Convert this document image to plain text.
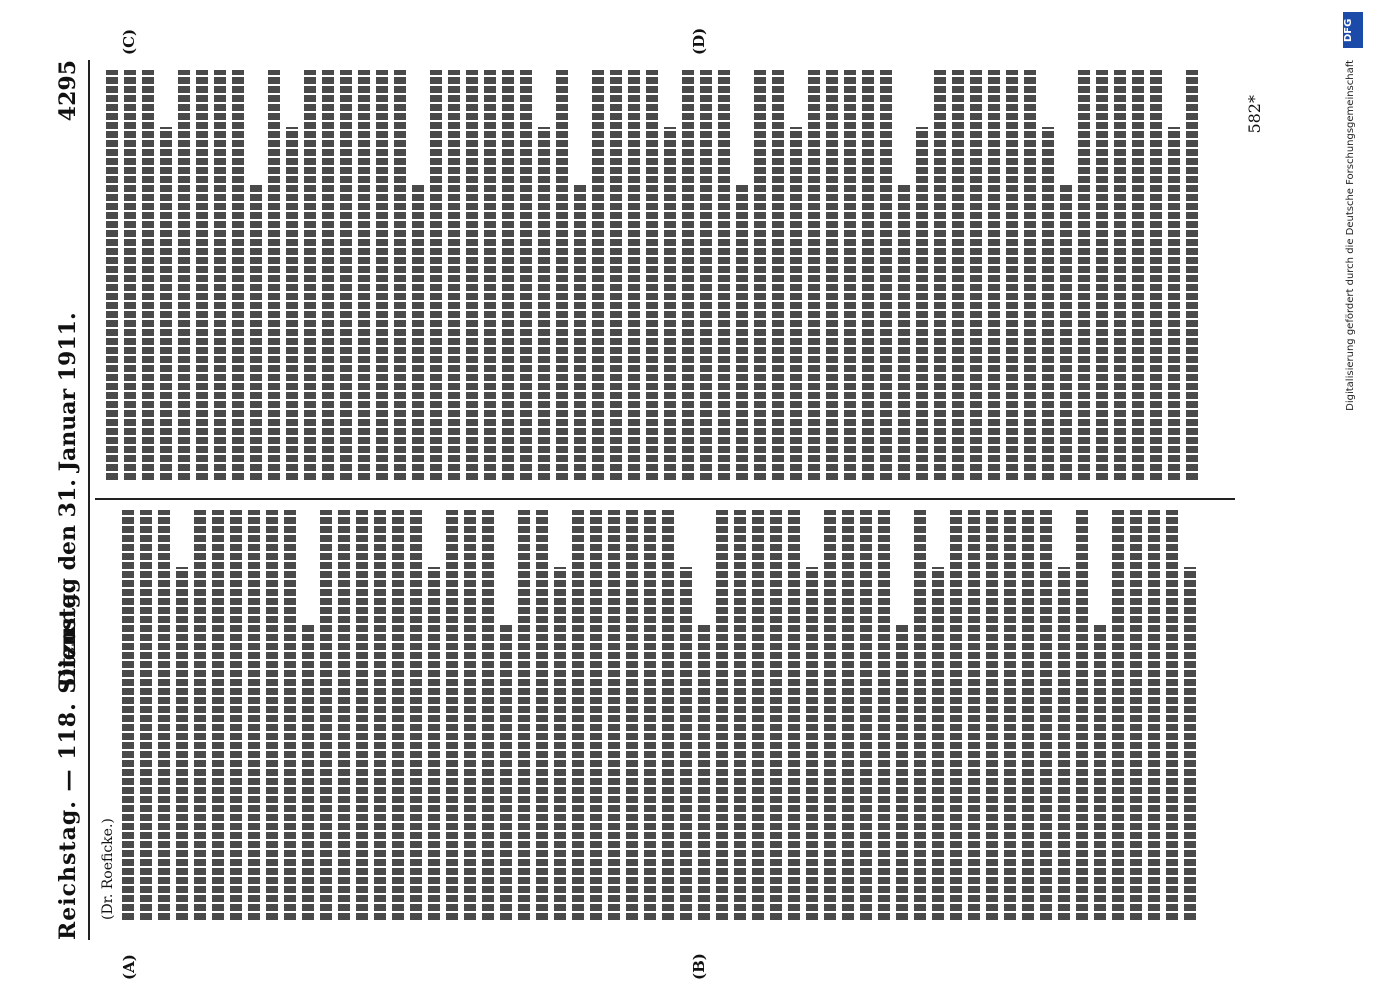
Reichstag. — 118. Sitzung.
Dienstag den 31. Januar 1911.
4295
(A)	(B)
(C)	(D)
(Dr. Roeficke.)
582*
DFG
Digitalisierung gefördert durch die Deutsche Forschungsgemeinschaft
